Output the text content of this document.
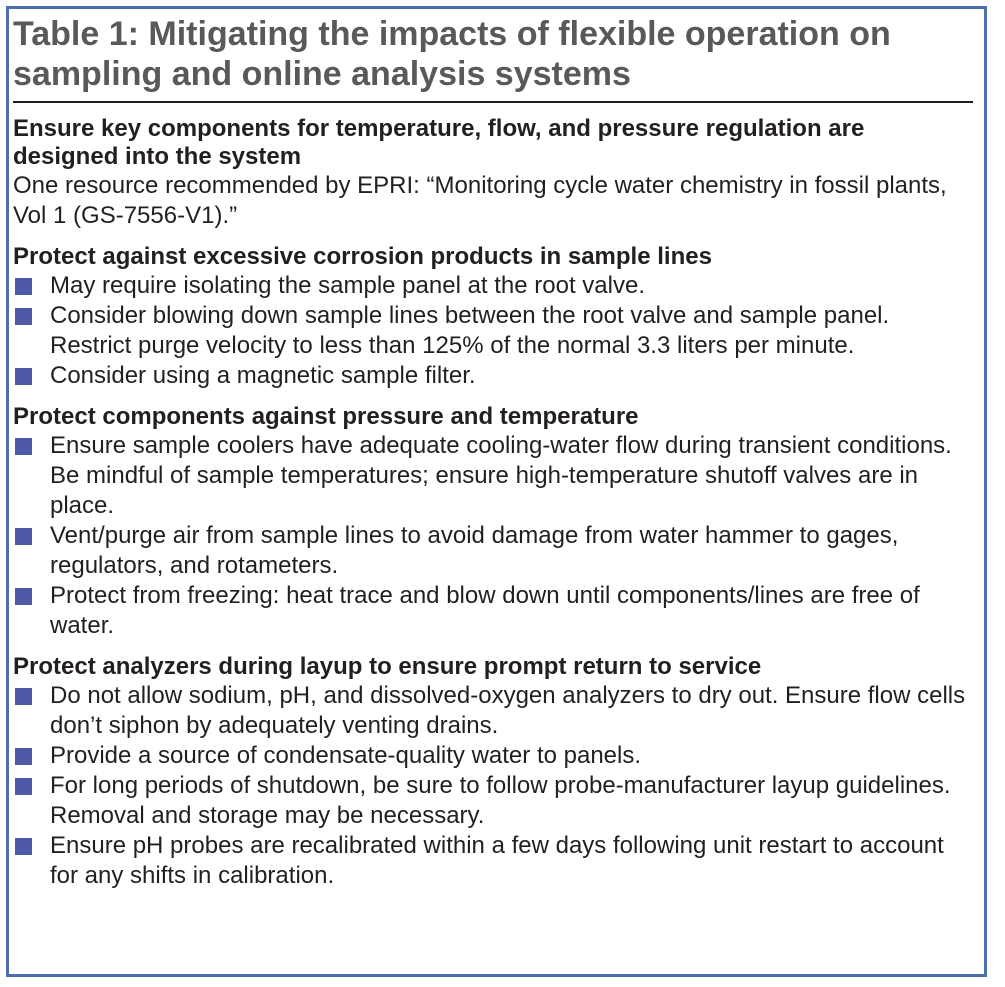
Table 1: Mitigating the impacts of flexible operation on sampling and online analysis systems

Ensure key components for temperature, flow, and pressure regulation are designed into the system

One resource recommended by EPRI: “Monitoring cycle water chemistry in fossil plants, Vol 1 (GS-7556-V1).”

Protect against excessive corrosion products in sample lines

May require isolating the sample panel at the root valve.
Consider blowing down sample lines between the root valve and sample panel. Restrict purge velocity to less than 125% of the normal 3.3 liters per minute.
Consider using a magnetic sample filter.

Protect components against pressure and temperature

Ensure sample coolers have adequate cooling-water flow during transient conditions. Be mindful of sample temperatures; ensure high-temperature shutoff valves are in place.
Vent/purge air from sample lines to avoid damage from water hammer to gages, regulators, and rotameters.
Protect from freezing: heat trace and blow down until components/lines are free of water.

Protect analyzers during layup to ensure prompt return to service

Do not allow sodium, pH, and dissolved-oxygen analyzers to dry out. Ensure flow cells don’t siphon by adequately venting drains.
Provide a source of condensate-quality water to panels.
For long periods of shutdown, be sure to follow probe-manufacturer layup guidelines. Removal and storage may be necessary.
Ensure pH probes are recalibrated within a few days following unit restart to account for any shifts in calibration.
